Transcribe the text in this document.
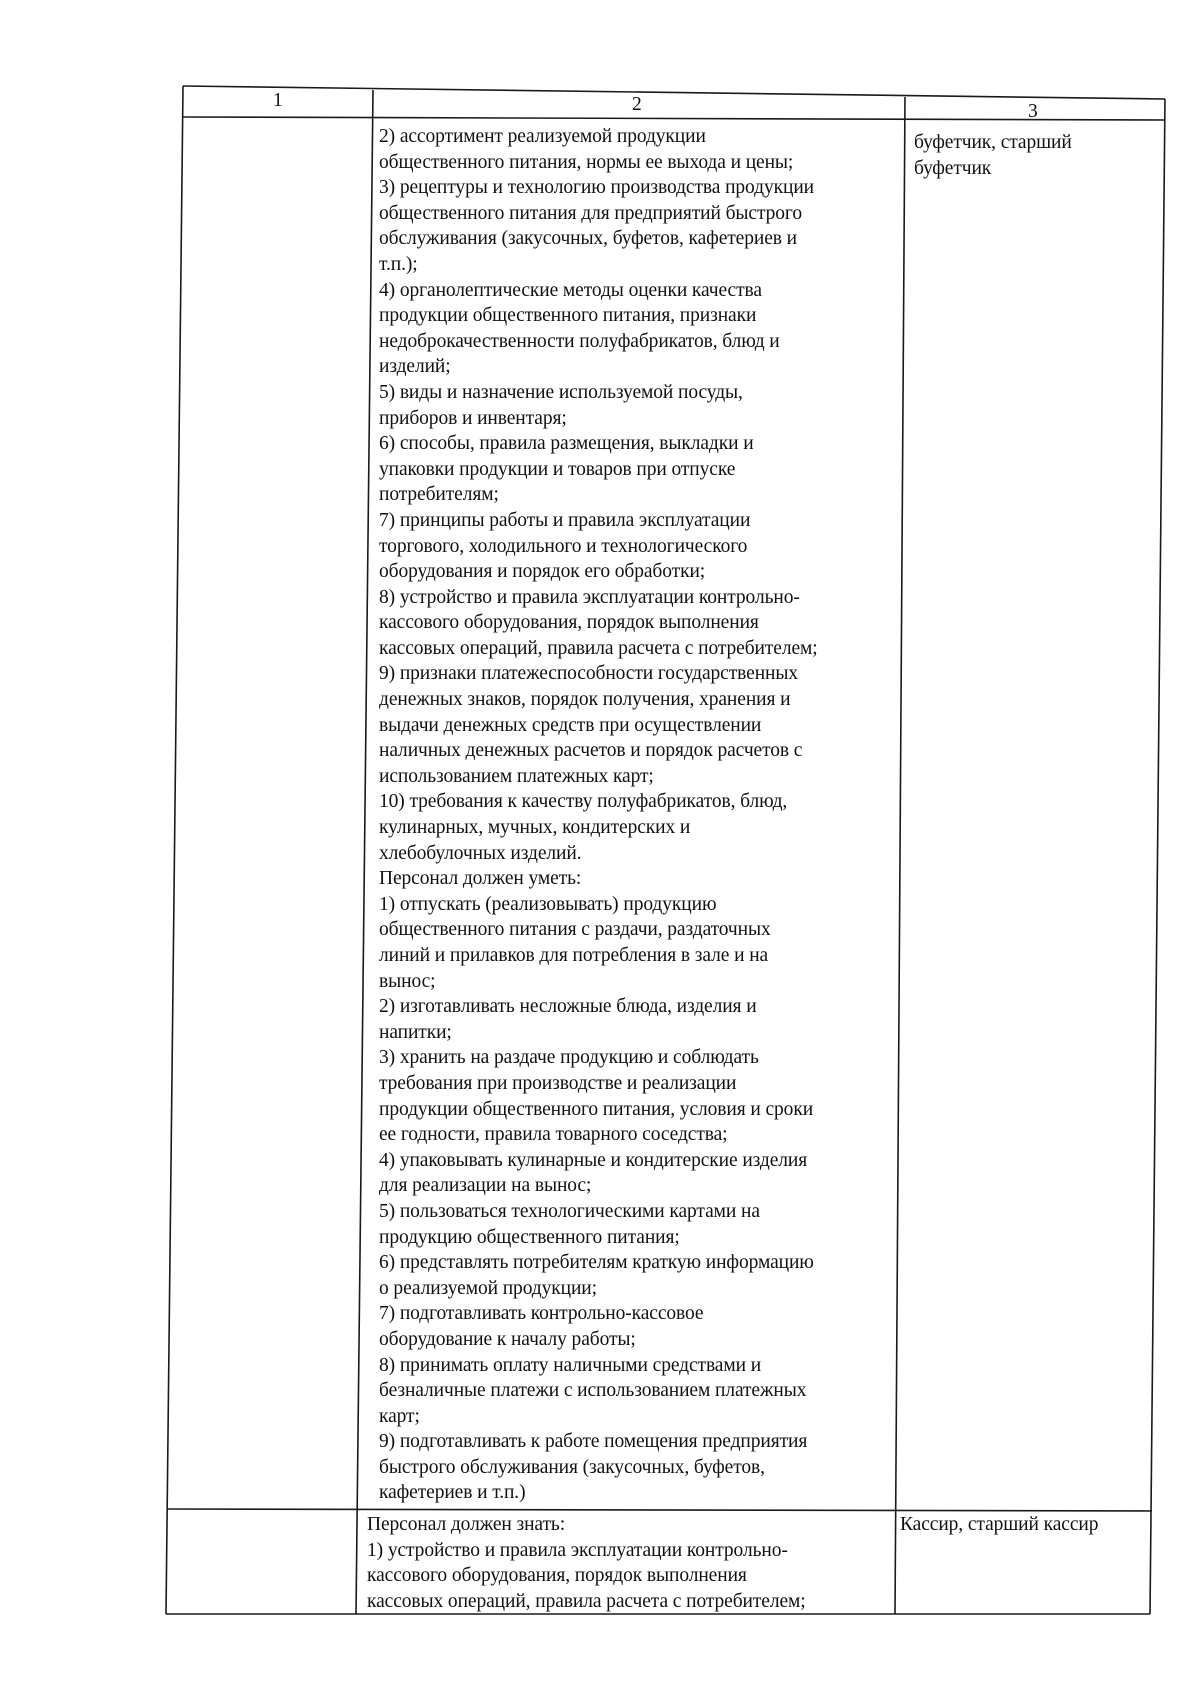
1	2	3
2) ассортимент реализуемой продукции
общественного питания, нормы ее выхода и цены;
3) рецептуры и технологию производства продукции
общественного питания для предприятий быстрого
обслуживания (закусочных, буфетов, кафетериев и
т.п.);
4) органолептические методы оценки качества
продукции общественного питания, признаки
недоброкачественности полуфабрикатов, блюд и
изделий;
5) виды и назначение используемой посуды,
приборов и инвентаря;
6) способы, правила размещения, выкладки и
упаковки продукции и товаров при отпуске
потребителям;
7) принципы работы и правила эксплуатации
торгового, холодильного и технологического
оборудования и порядок его обработки;
8) устройство и правила эксплуатации контрольно-
кассового оборудования, порядок выполнения
кассовых операций, правила расчета с потребителем;
9) признаки платежеспособности государственных
денежных знаков, порядок получения, хранения и
выдачи денежных средств при осуществлении
наличных денежных расчетов и порядок расчетов с
использованием платежных карт;
10) требования к качеству полуфабрикатов, блюд,
кулинарных, мучных, кондитерских и
хлебобулочных изделий.
Персонал должен уметь:
1) отпускать (реализовывать) продукцию
общественного питания с раздачи, раздаточных
линий и прилавков для потребления в зале и на
вынос;
2) изготавливать несложные блюда, изделия и
напитки;
3) хранить на раздаче продукцию и соблюдать
требования при производстве и реализации
продукции общественного питания, условия и сроки
ее годности, правила товарного соседства;
4) упаковывать кулинарные и кондитерские изделия
для реализации на вынос;
5) пользоваться технологическими картами на
продукцию общественного питания;
6) представлять потребителям краткую информацию
о реализуемой продукции;
7) подготавливать контрольно-кассовое
оборудование к началу работы;
8) принимать оплату наличными средствами и
безналичные платежи с использованием платежных
карт;
9) подготавливать к работе помещения предприятия
быстрого обслуживания (закусочных, буфетов,
кафетериев и т.п.)
буфетчик, старший
буфетчик
Персонал должен знать:
1) устройство и правила эксплуатации контрольно-
кассового оборудования, порядок выполнения
кассовых операций, правила расчета с потребителем;
Кассир, старший кассир
